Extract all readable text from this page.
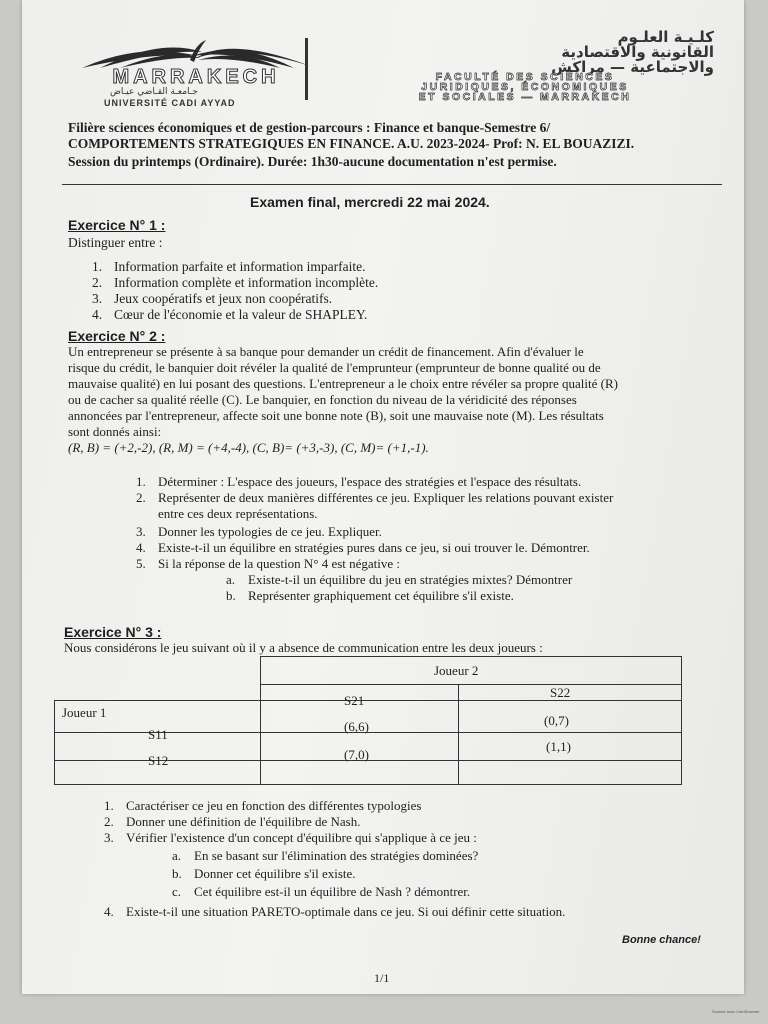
MARRAKECH
جـامعـة القـاضي عيـاض
UNIVERSITÉ CADI AYYAD
كلـيـة العلـوم
القانونية والاقتصادية
والاجتماعية — مراكش
FACULTÉ DES SCIENCES
JURIDIQUES, ÉCONOMIQUES
ET SOCIALES — MARRAKECH
Filière sciences économiques et de gestion-parcours : Finance et banque-Semestre 6/
COMPORTEMENTS STRATEGIQUES EN FINANCE. A.U. 2023-2024- Prof: N. EL BOUAZIZI.
Session du printemps (Ordinaire). Durée: 1h30-aucune documentation n'est permise.
Examen final, mercredi 22 mai 2024.
Exercice N° 1 :
Distinguer entre :
1. Information parfaite et information imparfaite.
2. Information complète et information incomplète.
3. Jeux coopératifs et jeux non coopératifs.
4. Cœur de l'économie et la valeur de SHAPLEY.
Exercice N° 2 :
Un entrepreneur se présente à sa banque pour demander un crédit de financement. Afin d'évaluer le
risque du crédit, le banquier doit révéler la qualité de l'emprunteur (emprunteur de bonne qualité ou de
mauvaise qualité) en lui posant des questions. L'entrepreneur a le choix entre révéler sa propre qualité (R)
ou de cacher sa qualité réelle (C). Le banquier, en fonction du niveau de la véridicité des réponses
annoncées par l'entrepreneur, affecte soit une bonne note (B), soit une mauvaise note (M). Les résultats
sont donnés ainsi:
(R, B) = (+2,-2), (R, M) = (+4,-4), (C, B)= (+3,-3), (C, M)= (+1,-1).
1. Déterminer : L'espace des joueurs, l'espace des stratégies et l'espace des résultats.
2. Représenter de deux manières différentes ce jeu. Expliquer les relations pouvant exister
entre ces deux représentations.
3. Donner les typologies de ce jeu. Expliquer.
4. Existe-t-il un équilibre en stratégies pures dans ce jeu, si oui trouver le. Démontrer.
5. Si la réponse de la question N° 4 est négative :
a. Existe-t-il un équilibre du jeu en stratégies mixtes? Démontrer
b. Représenter graphiquement cet équilibre s'il existe.
Exercice N° 3 :
Nous considérons le jeu suivant où il y a absence de communication entre les deux joueurs :
Joueur 2
S21
S22
Joueur 1
S11
(6,6)	(0,7)
S12	(7,0)
(1,1)
1. Caractériser ce jeu en fonction des différentes typologies
2. Donner une définition de l'équilibre de Nash.
3. Vérifier l'existence d'un concept d'équilibre qui s'applique à ce jeu :
a. En se basant sur l'élimination des stratégies dominées?
b. Donner cet équilibre s'il existe.
c. Cet équilibre est-il un équilibre de Nash ? démontrer.
4. Existe-t-il une situation PARETO-optimale dans ce jeu. Si oui définir cette situation.
Bonne chance!
1/1
Scanné avec CamScanner
